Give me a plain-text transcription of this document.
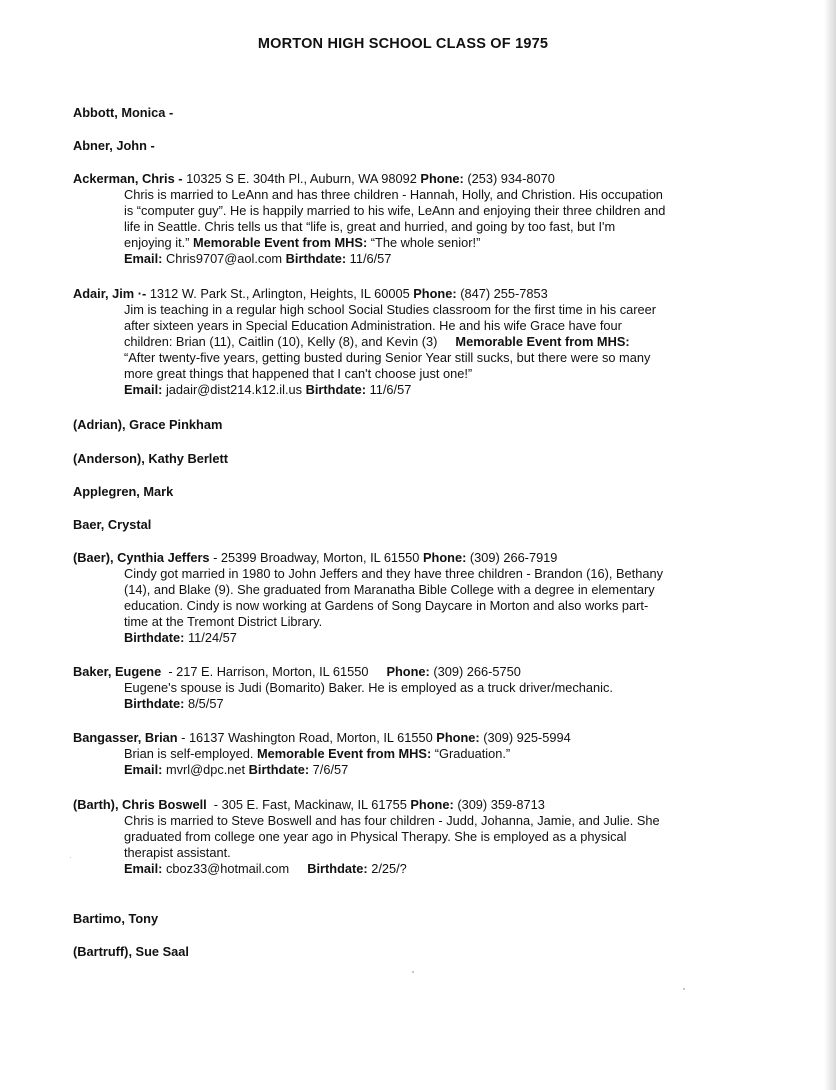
MORTON HIGH SCHOOL CLASS OF 1975
Abbott, Monica -
Abner, John -
Ackerman, Chris - 10325 S E. 304th Pl., Auburn, WA 98092 Phone: (253) 934-8070
Chris is married to LeAnn and has three children - Hannah, Holly, and Christion. His occupation
is “computer guy”. He is happily married to his wife, LeAnn and enjoying their three children and
life in Seattle. Chris tells us that “life is, great and hurried, and going by too fast, but I'm
enjoying it.” Memorable Event from MHS: “The whole senior!”
Email: Chris9707@aol.com Birthdate: 11/6/57
Adair, Jim ·- 1312 W. Park St., Arlington, Heights, IL 60005 Phone: (847) 255-7853
Jim is teaching in a regular high school Social Studies classroom for the first time in his career
after sixteen years in Special Education Administration. He and his wife Grace have four
children: Brian (11), Caitlin (10), Kelly (8), and Kevin (3) Memorable Event from MHS:
“After twenty-five years, getting busted during Senior Year still sucks, but there were so many
more great things that happened that I can't choose just one!”
Email: jadair@dist214.k12.il.us Birthdate: 11/6/57
(Adrian), Grace Pinkham
(Anderson), Kathy Berlett
Applegren, Mark
Baer, Crystal
(Baer), Cynthia Jeffers - 25399 Broadway, Morton, IL 61550 Phone: (309) 266-7919
Cindy got married in 1980 to John Jeffers and they have three children - Brandon (16), Bethany
(14), and Blake (9). She graduated from Maranatha Bible College with a degree in elementary
education. Cindy is now working at Gardens of Song Daycare in Morton and also works part-
time at the Tremont District Library.
Birthdate: 11/24/57
Baker, Eugene  - 217 E. Harrison, Morton, IL 61550 Phone: (309) 266-5750
Eugene's spouse is Judi (Bomarito) Baker. He is employed as a truck driver/mechanic.
Birthdate: 8/5/57
Bangasser, Brian - 16137 Washington Road, Morton, IL 61550 Phone: (309) 925-5994
Brian is self-employed. Memorable Event from MHS: “Graduation.”
Email: mvrl@dpc.net Birthdate: 7/6/57
(Barth), Chris Boswell  - 305 E. Fast, Mackinaw, IL 61755 Phone: (309) 359-8713
Chris is married to Steve Boswell and has four children - Judd, Johanna, Jamie, and Julie. She
graduated from college one year ago in Physical Therapy. She is employed as a physical
therapist assistant.
Email: cboz33@hotmail.com Birthdate: 2/25/?
Bartimo, Tony
(Bartruff), Sue Saal
